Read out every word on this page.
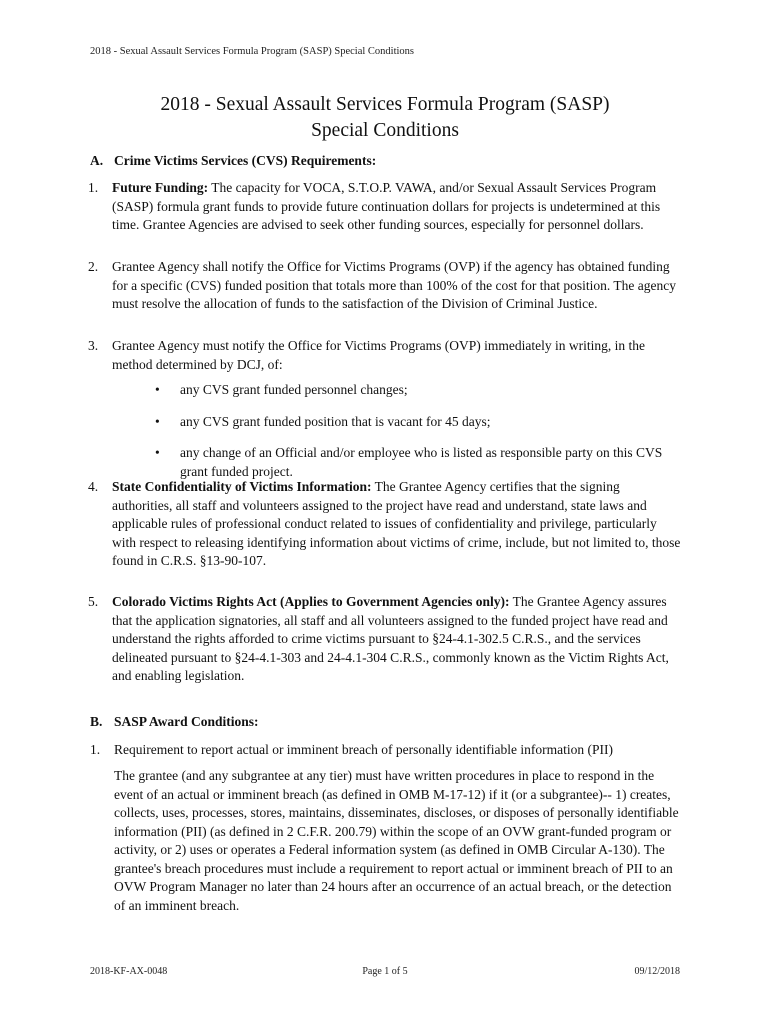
2018 - Sexual Assault Services Formula Program (SASP) Special Conditions
2018 - Sexual Assault Services Formula Program (SASP)
Special Conditions
A. Crime Victims Services (CVS) Requirements:
1. Future Funding: The capacity for VOCA, S.T.O.P. VAWA, and/or Sexual Assault Services Program (SASP) formula grant funds to provide future continuation dollars for projects is undetermined at this time. Grantee Agencies are advised to seek other funding sources, especially for personnel dollars.
2. Grantee Agency shall notify the Office for Victims Programs (OVP) if the agency has obtained funding for a specific (CVS) funded position that totals more than 100% of the cost for that position. The agency must resolve the allocation of funds to the satisfaction of the Division of Criminal Justice.
3. Grantee Agency must notify the Office for Victims Programs (OVP) immediately in writing, in the method determined by DCJ, of:
• any CVS grant funded personnel changes;
• any CVS grant funded position that is vacant for 45 days;
• any change of an Official and/or employee who is listed as responsible party on this CVS grant funded project.
4. State Confidentiality of Victims Information: The Grantee Agency certifies that the signing authorities, all staff and volunteers assigned to the project have read and understand, state laws and applicable rules of professional conduct related to issues of confidentiality and privilege, particularly with respect to releasing identifying information about victims of crime, include, but not limited to, those found in C.R.S. §13-90-107.
5. Colorado Victims Rights Act (Applies to Government Agencies only): The Grantee Agency assures that the application signatories, all staff and all volunteers assigned to the funded project have read and understand the rights afforded to crime victims pursuant to §24-4.1-302.5 C.R.S., and the services delineated pursuant to §24-4.1-303 and 24-4.1-304 C.R.S., commonly known as the Victim Rights Act, and enabling legislation.
B. SASP Award Conditions:
1. Requirement to report actual or imminent breach of personally identifiable information (PII)
The grantee (and any subgrantee at any tier) must have written procedures in place to respond in the event of an actual or imminent breach (as defined in OMB M-17-12) if it (or a subgrantee)-- 1) creates, collects, uses, processes, stores, maintains, disseminates, discloses, or disposes of personally identifiable information (PII) (as defined in 2 C.F.R. 200.79) within the scope of an OVW grant-funded program or activity, or 2) uses or operates a Federal information system (as defined in OMB Circular A-130). The grantee's breach procedures must include a requirement to report actual or imminent breach of PII to an OVW Program Manager no later than 24 hours after an occurrence of an actual breach, or the detection of an imminent breach.
2018-KF-AX-0048	Page 1 of 5	09/12/2018
